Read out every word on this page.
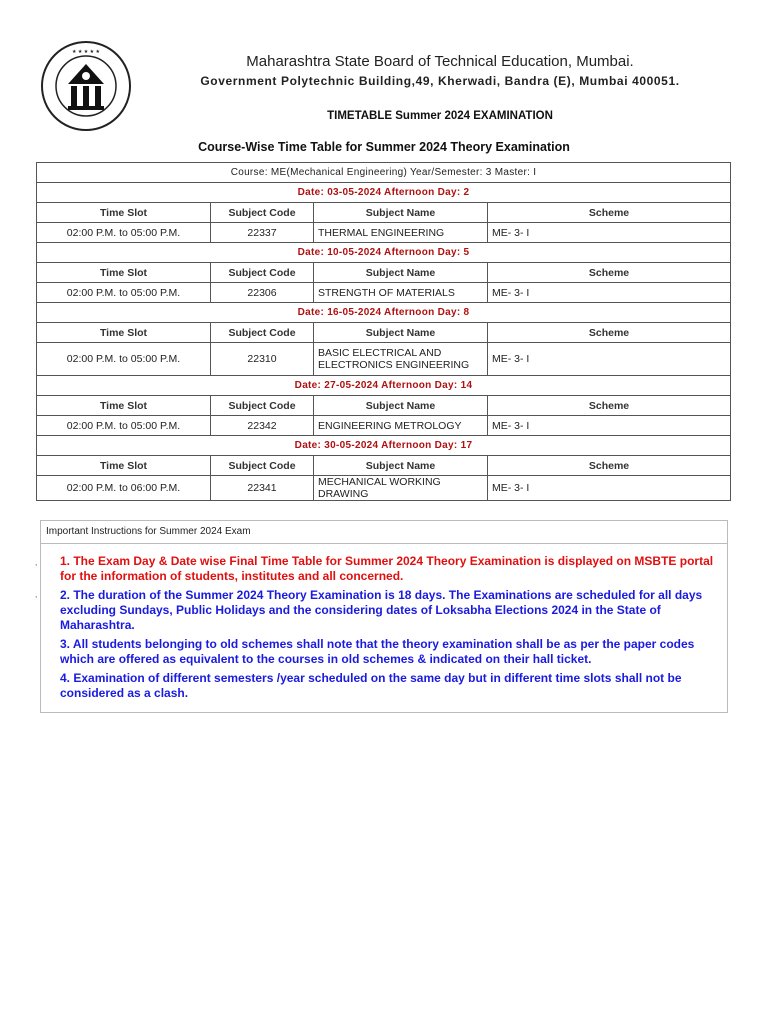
★ ★ ★ ★ ★
Maharashtra State Board of Technical Education, Mumbai.
Government Polytechnic Building,49, Kherwadi, Bandra (E), Mumbai 400051.
TIMETABLE Summer 2024 EXAMINATION
Course-Wise Time Table for Summer 2024 Theory Examination
Course: ME(Mechanical Engineering) Year/Semester: 3 Master: I			
Date: 03-05-2024 Afternoon Day: 2			
Time Slot	Subject Code	Subject Name	Scheme
02:00 P.M. to 05:00 P.M.	22337	THERMAL ENGINEERING	ME- 3- I
Date: 10-05-2024 Afternoon Day: 5			
Time Slot	Subject Code	Subject Name	Scheme
02:00 P.M. to 05:00 P.M.	22306	STRENGTH OF MATERIALS	ME- 3- I
Date: 16-05-2024 Afternoon Day: 8			
Time Slot	Subject Code	Subject Name	Scheme
02:00 P.M. to 05:00 P.M.	22310	BASIC ELECTRICAL AND ELECTRONICS ENGINEERING	ME- 3- I
Date: 27-05-2024 Afternoon Day: 14			
Time Slot	Subject Code	Subject Name	Scheme
02:00 P.M. to 05:00 P.M.	22342	ENGINEERING METROLOGY	ME- 3- I
Date: 30-05-2024 Afternoon Day: 17			
Time Slot	Subject Code	Subject Name	Scheme
02:00 P.M. to 06:00 P.M.	22341	MECHANICAL WORKING DRAWING	ME- 3- I
Important Instructions for Summer 2024 Exam
,
,

1. The Exam Day & Date wise Final Time Table for Summer 2024 Theory Examination is displayed on MSBTE portal for the information of students, institutes and all concerned.

2. The duration of the Summer 2024 Theory Examination is 18 days. The Examinations are scheduled for all days excluding Sundays, Public Holidays and the considering dates of Loksabha Elections 2024 in the State of Maharashtra.

3. All students belonging to old schemes shall note that the theory examination shall be as per the paper codes which are offered as equivalent to the courses in old schemes & indicated on their hall ticket.

4. Examination of different semesters /year scheduled on the same day but in different time slots shall not be considered as a clash.
